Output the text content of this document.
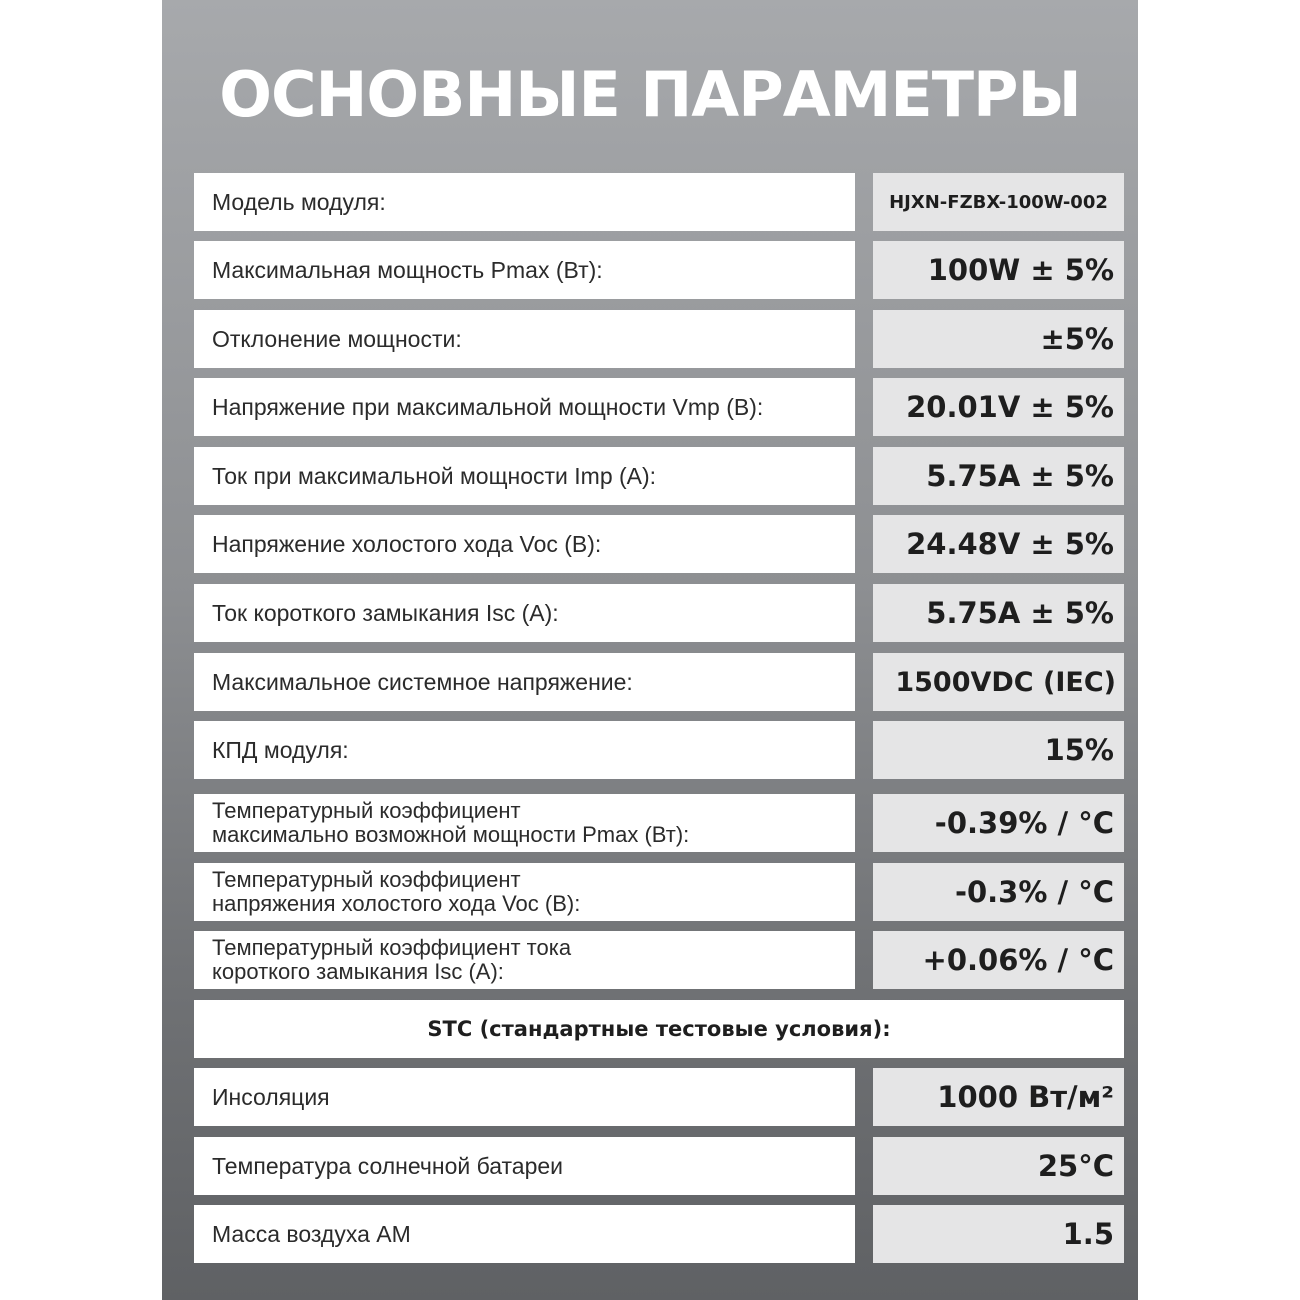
ОСНОВНЫЕ ПАРАМЕТРЫ
Модель модуля:	HJXN-FZBX-100W-002
Максимальная мощность Pmax (Вт):	100W ± 5%
Отклонение мощности:	±5%
Напряжение при максимальной мощности Vmp (В):	20.01V ± 5%
Ток при максимальной мощности Imp (А):	5.75A ± 5%
Напряжение холостого хода Voc (В):	24.48V ± 5%
Ток короткого замыкания Isc (А):	5.75A ± 5%
Максимальное системное напряжение:	1500VDC (IEC)
КПД модуля:	15%
Температурный коэффициент
максимально возможной мощности Pmax (Вт):	-0.39% / °C
Температурный коэффициент
напряжения холостого хода Voc (В):	-0.3% / °C
Температурный коэффициент тока
короткого замыкания Isc (А):	+0.06% / °C
STC (стандартные тестовые условия):
Инсоляция	1000 Вт/м²
Температура солнечной батареи	25°C
Масса воздуха AM	1.5
